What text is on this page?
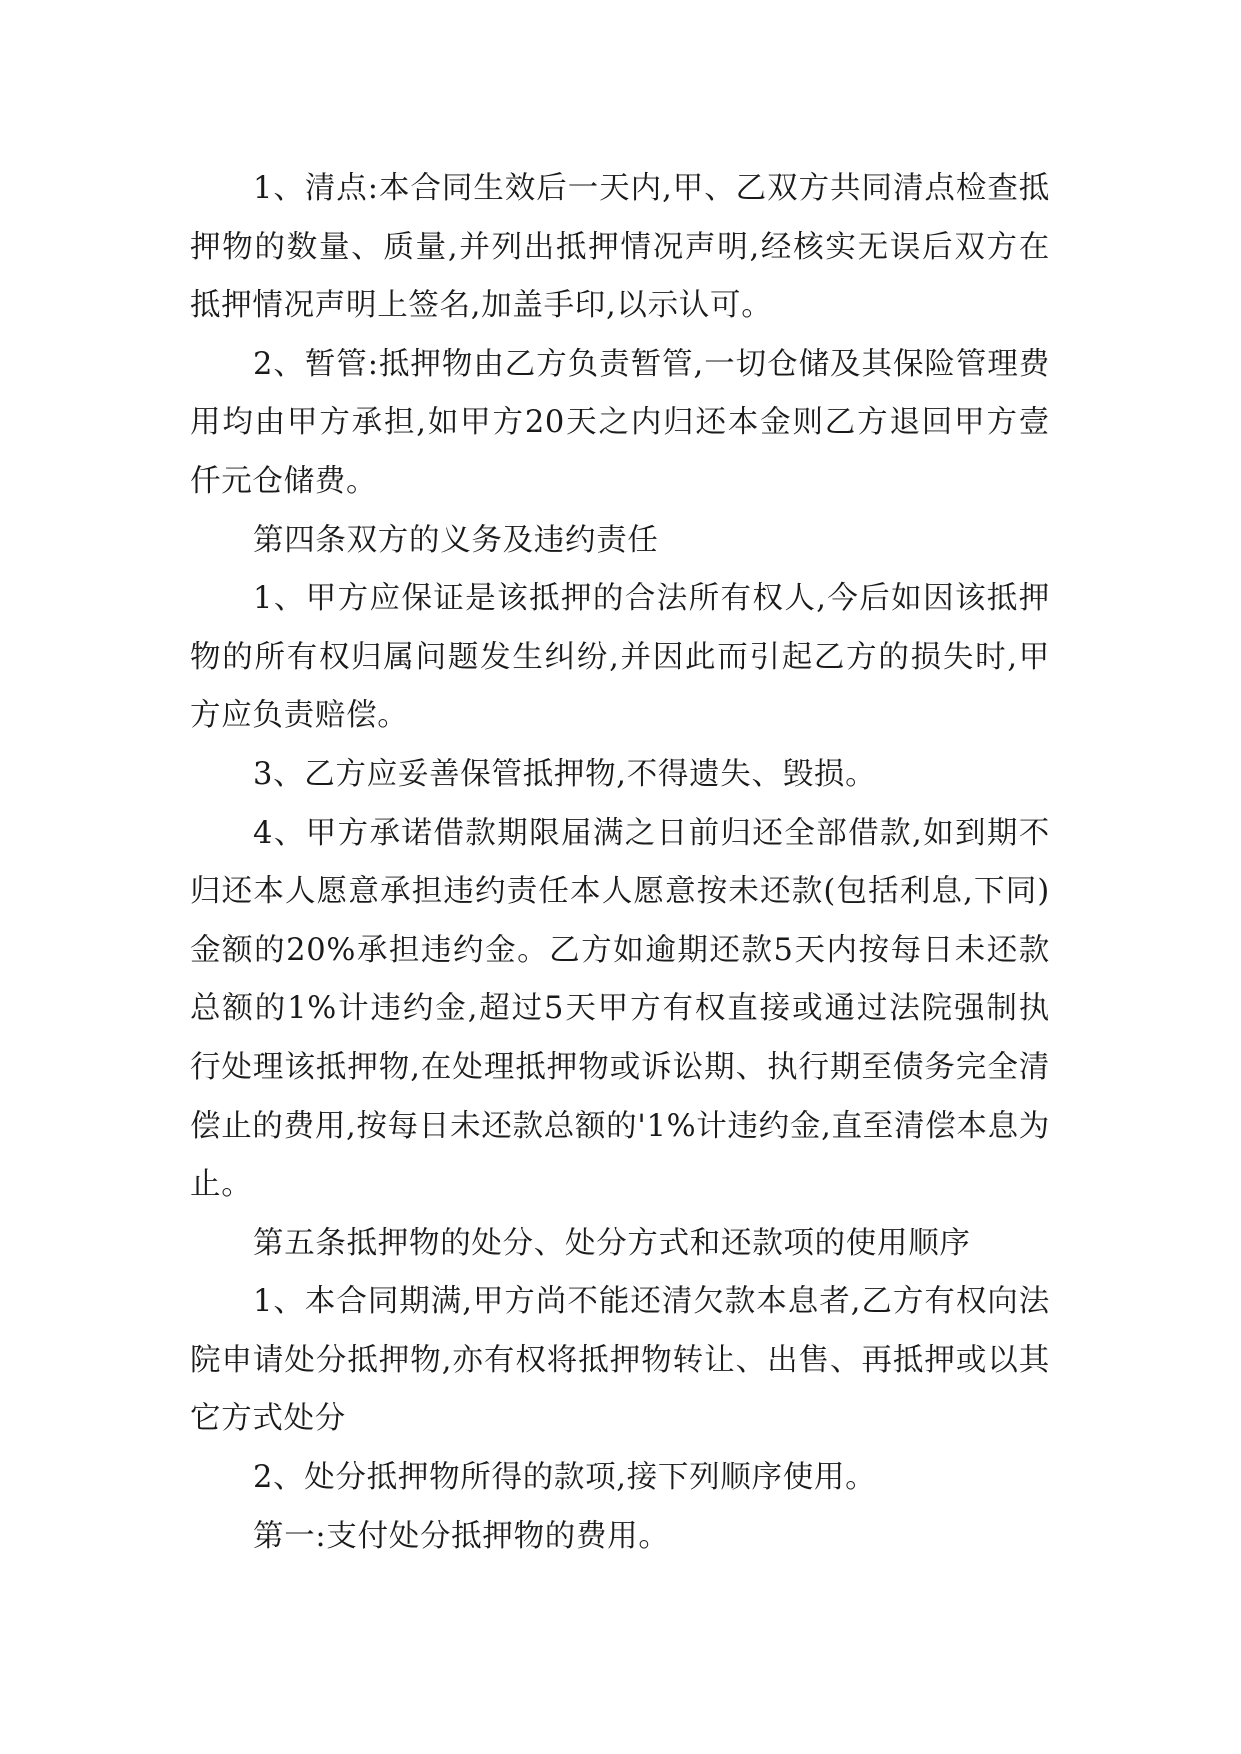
1、清点:本合同生效后一天内,甲、乙双方共同清点检查抵押物的数量、质量,并列出抵押情况声明,经核实无误后双方在抵押情况声明上签名,加盖手印,以示认可。

2、暂管:抵押物由乙方负责暂管,一切仓储及其保险管理费用均由甲方承担,如甲方20天之内归还本金则乙方退回甲方壹仟元仓储费。

第四条双方的义务及违约责任

1、甲方应保证是该抵押的合法所有权人,今后如因该抵押物的所有权归属问题发生纠纷,并因此而引起乙方的损失时,甲方应负责赔偿。

3、乙方应妥善保管抵押物,不得遗失、毁损。

4、甲方承诺借款期限届满之日前归还全部借款,如到期不归还本人愿意承担违约责任本人愿意按未还款(包括利息,下同)金额的20%承担违约金。乙方如逾期还款5天内按每日未还款总额的1%计违约金,超过5天甲方有权直接或通过法院强制执行处理该抵押物,在处理抵押物或诉讼期、执行期至债务完全清偿止的费用,按每日未还款总额的'1%计违约金,直至清偿本息为止。

第五条抵押物的处分、处分方式和还款项的使用顺序

1、本合同期满,甲方尚不能还清欠款本息者,乙方有权向法院申请处分抵押物,亦有权将抵押物转让、出售、再抵押或以其它方式处分

2、处分抵押物所得的款项,接下列顺序使用。

第一:支付处分抵押物的费用。
